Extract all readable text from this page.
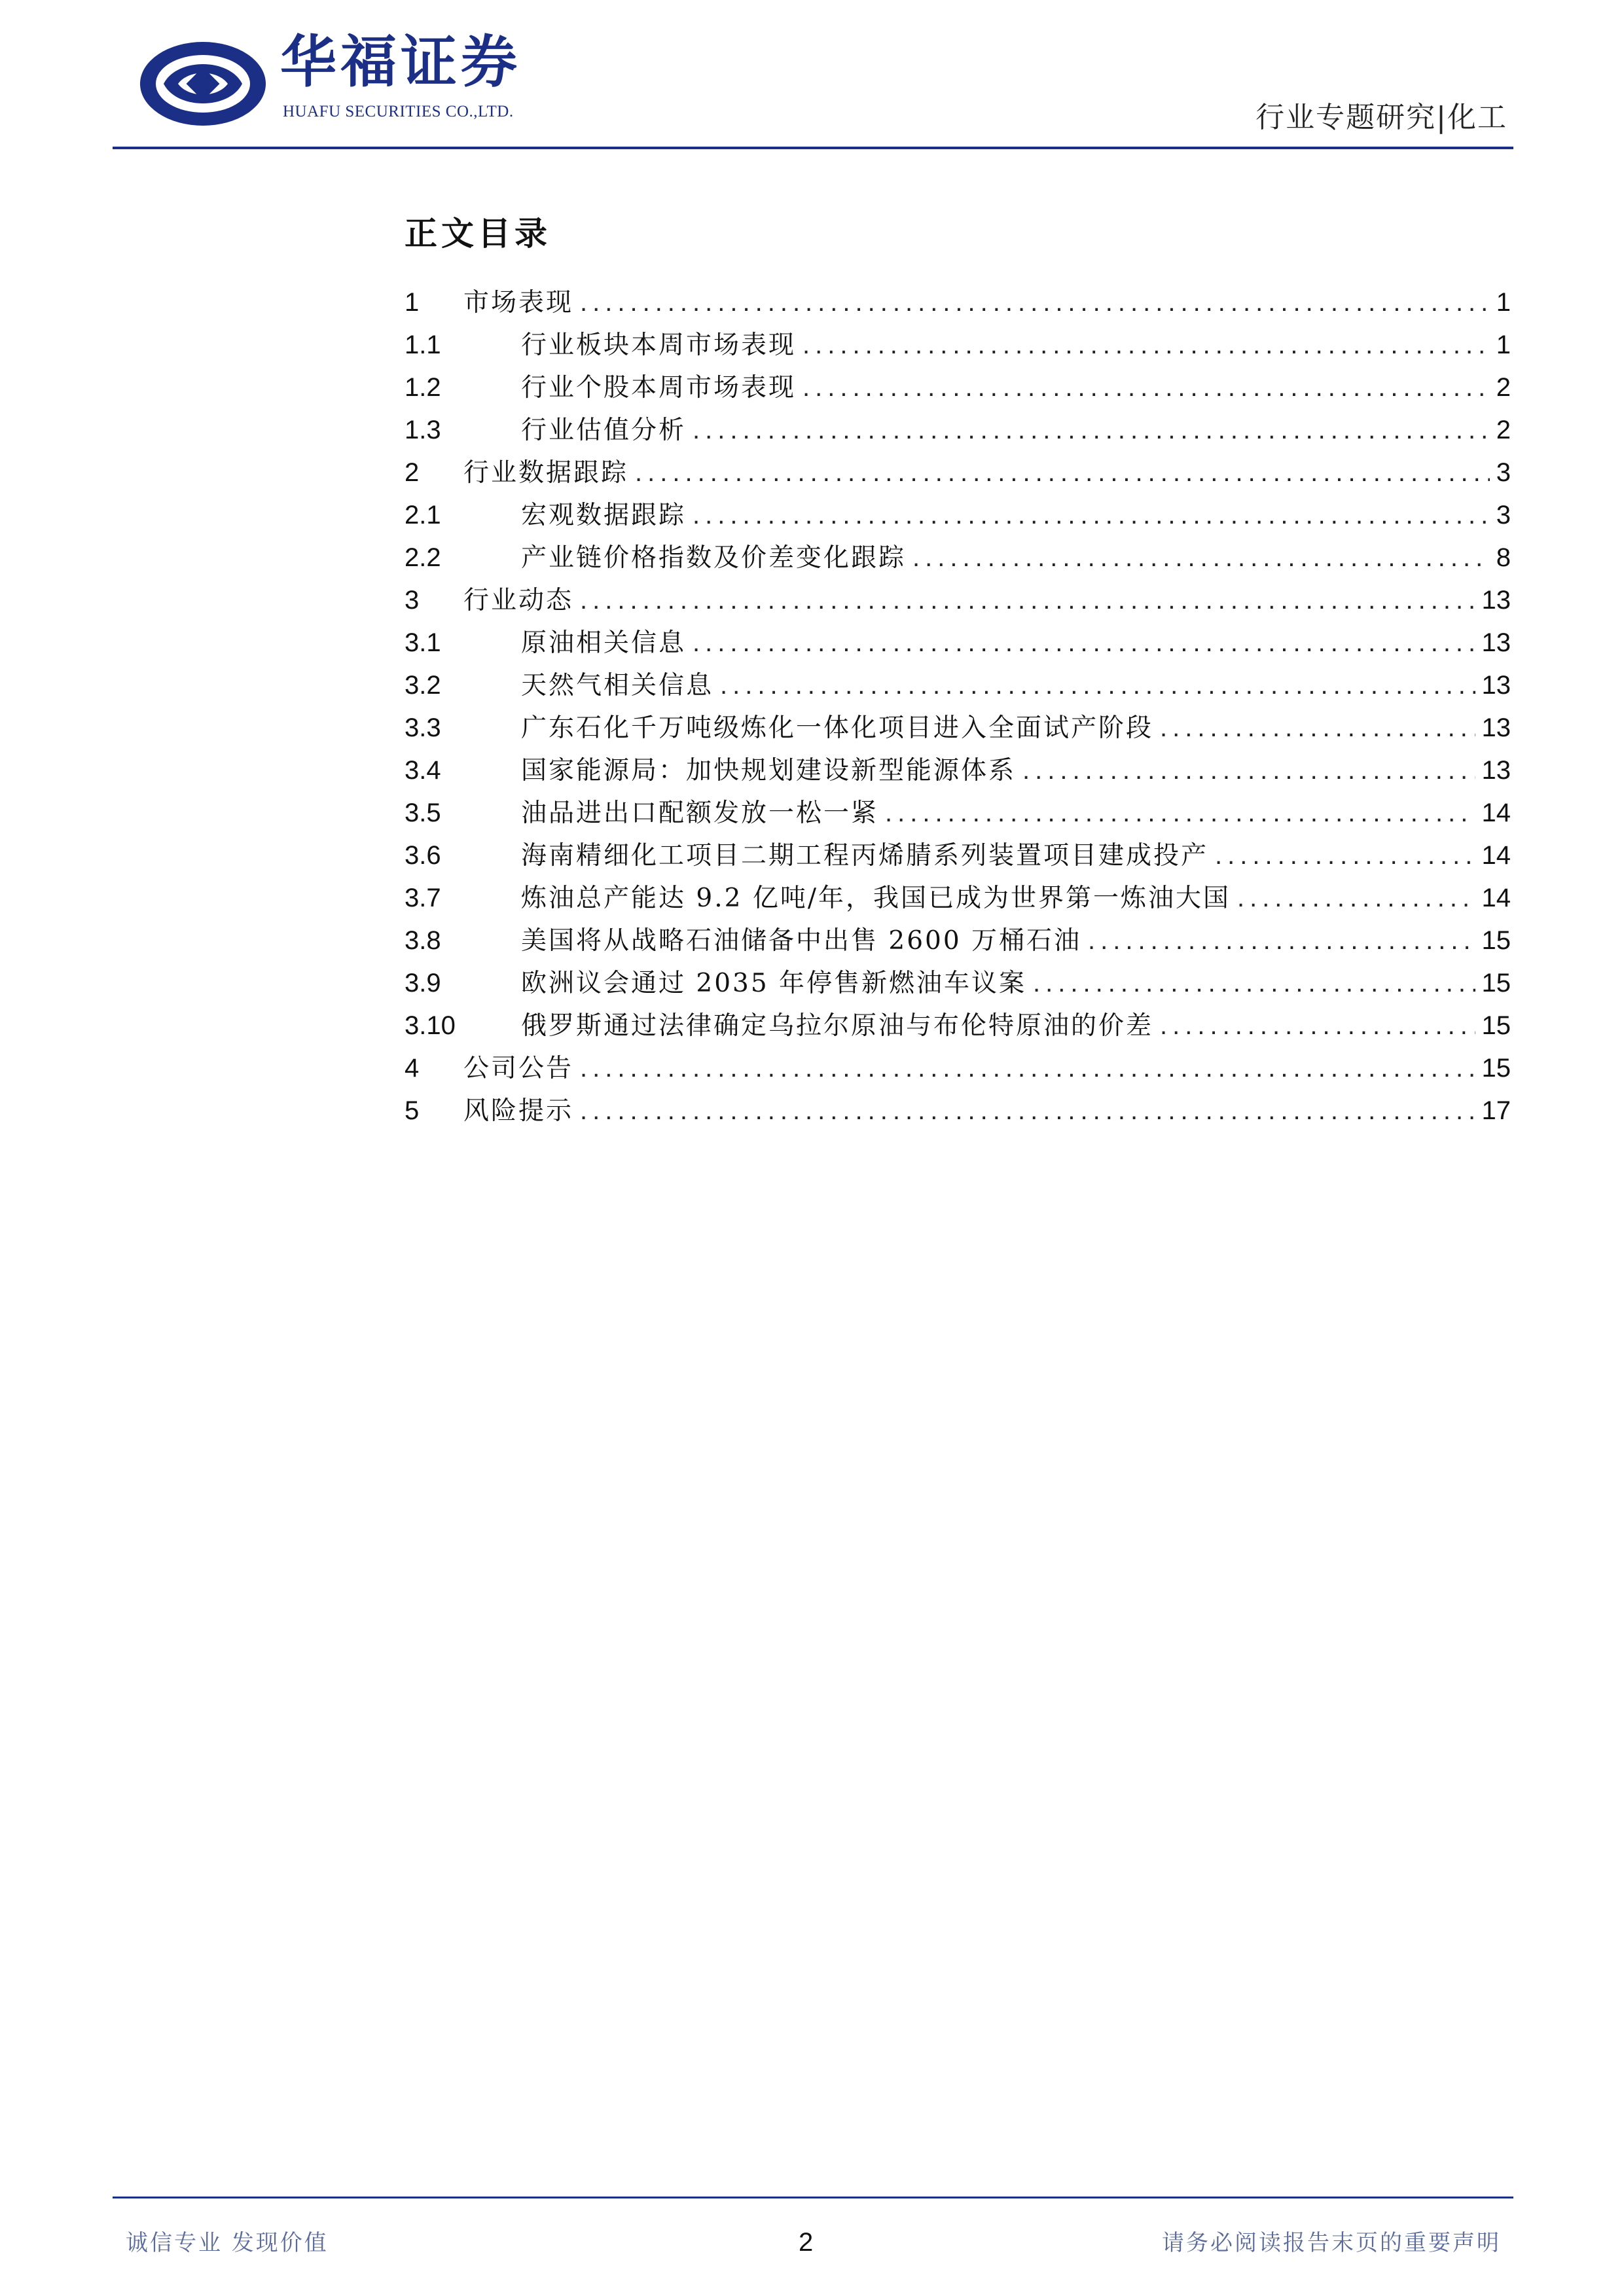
华福证券
HUAFU SECURITIES CO.,LTD.	行业专题研究|化工
正文目录
1	市场表现 .....	1
1.1	行业板块本周市场表现 .....	1
1.2	行业个股本周市场表现 .....	2
1.3	行业估值分析 .....	2
2	行业数据跟踪 .....	3
2.1	宏观数据跟踪 .....	3
2.2	产业链价格指数及价差变化跟踪 .....	8
3	行业动态 .....	13
3.1	原油相关信息 .....	13
3.2	天然气相关信息 .....	13
3.3	广东石化千万吨级炼化一体化项目进入全面试产阶段 .....	13
3.4	国家能源局：加快规划建设新型能源体系 .....	13
3.5	油品进出口配额发放一松一紧 .....	14
3.6	海南精细化工项目二期工程丙烯腈系列装置项目建成投产 .....	14
3.7	炼油总产能达 9.2 亿吨/年，我国已成为世界第一炼油大国 .....	14
3.8	美国将从战略石油储备中出售 2600 万桶石油 .....	15
3.9	欧洲议会通过 2035 年停售新燃油车议案 .....	15
3.10	俄罗斯通过法律确定乌拉尔原油与布伦特原油的价差 .....	15
4	公司公告 .....	15
5	风险提示 .....	17
诚信专业 发现价值	2	请务必阅读报告末页的重要声明
